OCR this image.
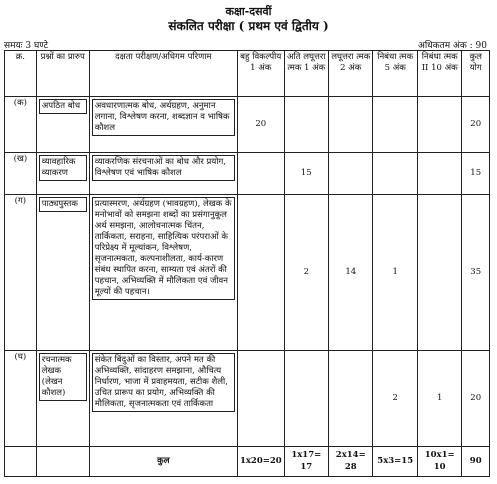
कक्षा-दसवीं
संकलित परीक्षा ( प्रथम एवं द्वितीय )
समयः 3 घण्टे	अधिकतम अंक : 90
क्र.	प्रश्नों का प्रारुप	दक्षता परीक्षण/अधिगम परिणाम	बहु विकल्पीय 1 अंक	अति लघूत्तरा त्मक 1 अंक	लघूत्तरा त्मक 2 अंक	निबंधा त्मक 5 अंक	निबंधा त्मक II 10 अंक	कुल योग
(क)	अपठित बोध	अवधारणात्मक बोध, अर्थग्रहण, अनुमान लगाना, विश्लेषण करना, शब्दज्ञान व भाषिक कौशल	20					20
(ख)	व्यावहारिक व्याकरण	व्याकरणिक संरचनाओं का बोध और प्रयोग, विश्लेषण एवं भाषिक कौशल		15				15
(ग)	पाठ्यपुस्तक	प्रत्यास्मरण, अर्थग्रहण (भावग्रहण), लेखक के मनोभावों को समझना शब्दों का प्रसंगानुकूल अर्थ समझना, आलोचनात्मक चिंतन, तार्किकता, सराहना, साहित्यिक परंपराओं के परिप्रेक्ष्य में मूल्यांकन, विश्लेषण, सृजनात्मकता, कल्पनाशीलता, कार्य-कारण संबंध स्थापित करना, साम्यता एवं अंतरों की पहचान, अभिव्यक्ति में मौलिकता एवं जीवन मूल्यों की पहचान।		2	14	1		35
(घ)	रचनात्मक लेखक (लेखन कौशल)	संकेत बिंदुओं का विस्तार, अपने मत की अभिव्यक्ति, सांदाहरण समझाना, औचित्य निर्धारण, भाजा में प्रवाहमयता, सटीक शैली, उचित प्रारूप का प्रयोग, अभिव्यक्ति की मौलिकता, सृजनात्मकता एवं तार्किकता				2	1	20
		कुल	1x20=20	1x17= 17	2x14= 28	5x3=15	10x1= 10	90
